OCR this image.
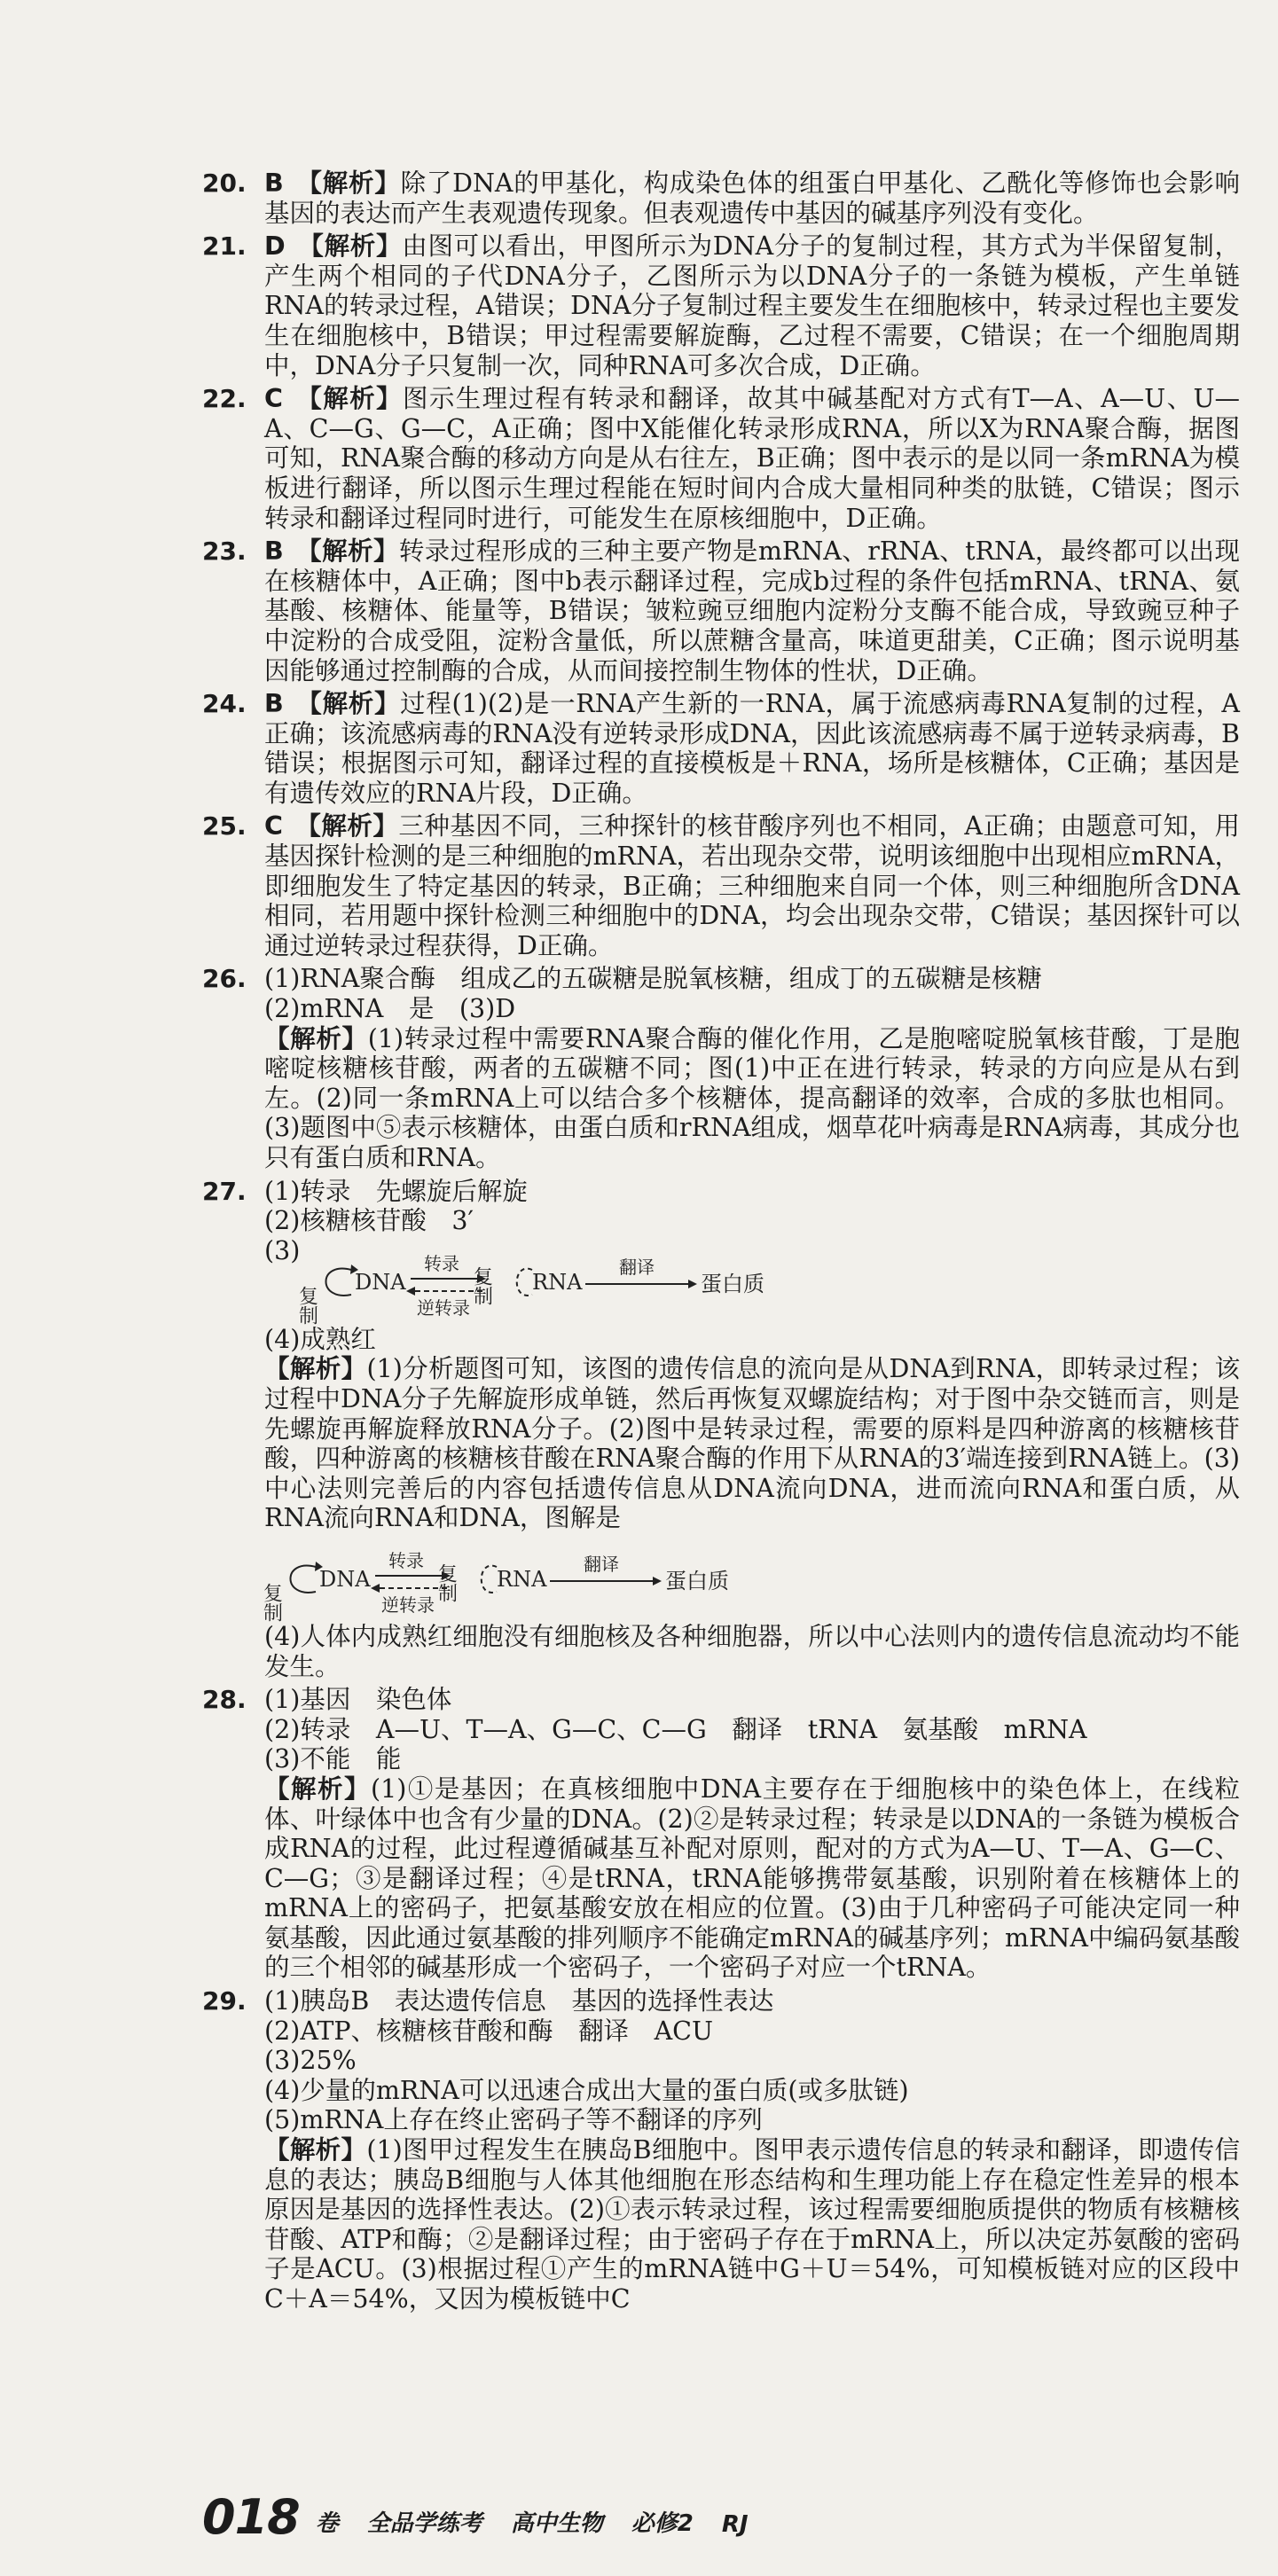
20. B 【解析】除了DNA的甲基化，构成染色体的组蛋白甲基化、乙酰化等修饰也会影响基因的表达而产生表观遗传现象。但表观遗传中基因的碱基序列没有变化。
21. D 【解析】由图可以看出，甲图所示为DNA分子的复制过程，其方式为半保留复制，产生两个相同的子代DNA分子，乙图所示为以DNA分子的一条链为模板，产生单链RNA的转录过程，A错误；DNA分子复制过程主要发生在细胞核中，转录过程也主要发生在细胞核中，B错误；甲过程需要解旋酶，乙过程不需要，C错误；在一个细胞周期中，DNA分子只复制一次，同种RNA可多次合成，D正确。
22. C 【解析】图示生理过程有转录和翻译，故其中碱基配对方式有T—A、A—U、U—A、C—G、G—C，A正确；图中X能催化转录形成RNA，所以X为RNA聚合酶，据图可知，RNA聚合酶的移动方向是从右往左，B正确；图中表示的是以同一条mRNA为模板进行翻译，所以图示生理过程能在短时间内合成大量相同种类的肽链，C错误；图示转录和翻译过程同时进行，可能发生在原核细胞中，D正确。
23. B 【解析】转录过程形成的三种主要产物是mRNA、rRNA、tRNA，最终都可以出现在核糖体中，A正确；图中b表示翻译过程，完成b过程的条件包括mRNA、tRNA、氨基酸、核糖体、能量等，B错误；皱粒豌豆细胞内淀粉分支酶不能合成，导致豌豆种子中淀粉的合成受阻，淀粉含量低，所以蔗糖含量高，味道更甜美，C正确；图示说明基因能够通过控制酶的合成，从而间接控制生物体的性状，D正确。
24. B 【解析】过程(1)(2)是一RNA产生新的一RNA，属于流感病毒RNA复制的过程，A正确；该流感病毒的RNA没有逆转录形成DNA，因此该流感病毒不属于逆转录病毒，B错误；根据图示可知，翻译过程的直接模板是＋RNA，场所是核糖体，C正确；基因是有遗传效应的RNA片段，D正确。
25. C 【解析】三种基因不同，三种探针的核苷酸序列也不相同，A正确；由题意可知，用基因探针检测的是三种细胞的mRNA，若出现杂交带，说明该细胞中出现相应mRNA，即细胞发生了特定基因的转录，B正确；三种细胞来自同一个体，则三种细胞所含DNA相同，若用题中探针检测三种细胞中的DNA，均会出现杂交带，C错误；基因探针可以通过逆转录过程获得，D正确。
26. (1)RNA聚合酶　组成乙的五碳糖是脱氧核糖，组成丁的五碳糖是核糖
(2)mRNA　是　(3)D
【解析】(1)转录过程中需要RNA聚合酶的催化作用，乙是胞嘧啶脱氧核苷酸，丁是胞嘧啶核糖核苷酸，两者的五碳糖不同；图(1)中正在进行转录，转录的方向应是从右到左。(2)同一条mRNA上可以结合多个核糖体，提高翻译的效率，合成的多肽也相同。(3)题图中⑤表示核糖体，由蛋白质和rRNA组成，烟草花叶病毒是RNA病毒，其成分也只有蛋白质和RNA。
27. (1)转录　先螺旋后解旋
(2)核糖核苷酸　3′
(3)
复制
DNA
转录
逆转录
复制 RNA
翻译
蛋白质
(4)成熟红
【解析】(1)分析题图可知，该图的遗传信息的流向是从DNA到RNA，即转录过程；该过程中DNA分子先解旋形成单链，然后再恢复双螺旋结构；对于图中杂交链而言，则是先螺旋再解旋释放RNA分子。(2)图中是转录过程，需要的原料是四种游离的核糖核苷酸，四种游离的核糖核苷酸在RNA聚合酶的作用下从RNA的3′端连接到RNA链上。(3)中心法则完善后的内容包括遗传信息从DNA流向DNA，进而流向RNA和蛋白质，从RNA流向RNA和DNA，图解是
复制
DNA
转录
逆转录
复制 RNA
翻译
蛋白质
(4)人体内成熟红细胞没有细胞核及各种细胞器，所以中心法则内的遗传信息流动均不能发生。
28. (1)基因　染色体
(2)转录　A—U、T—A、G—C、C—G　翻译　tRNA　氨基酸　mRNA
(3)不能　能
【解析】(1)①是基因；在真核细胞中DNA主要存在于细胞核中的染色体上，在线粒体、叶绿体中也含有少量的DNA。(2)②是转录过程；转录是以DNA的一条链为模板合成RNA的过程，此过程遵循碱基互补配对原则，配对的方式为A—U、T—A、G—C、C—G；③是翻译过程；④是tRNA，tRNA能够携带氨基酸，识别附着在核糖体上的mRNA上的密码子，把氨基酸安放在相应的位置。(3)由于几种密码子可能决定同一种氨基酸，因此通过氨基酸的排列顺序不能确定mRNA的碱基序列；mRNA中编码氨基酸的三个相邻的碱基形成一个密码子，一个密码子对应一个tRNA。
29. (1)胰岛B　表达遗传信息　基因的选择性表达
(2)ATP、核糖核苷酸和酶　翻译　ACU
(3)25%
(4)少量的mRNA可以迅速合成出大量的蛋白质(或多肽链)
(5)mRNA上存在终止密码子等不翻译的序列
【解析】(1)图甲过程发生在胰岛B细胞中。图甲表示遗传信息的转录和翻译，即遗传信息的表达；胰岛B细胞与人体其他细胞在形态结构和生理功能上存在稳定性差异的根本原因是基因的选择性表达。(2)①表示转录过程，该过程需要细胞质提供的物质有核糖核苷酸、ATP和酶；②是翻译过程；由于密码子存在于mRNA上，所以决定苏氨酸的密码子是ACU。(3)根据过程①产生的mRNA链中G＋U＝54%，可知模板链对应的区段中C＋A＝54%，又因为模板链中C
018 卷 全品学练考 高中生物 必修2 RJ
